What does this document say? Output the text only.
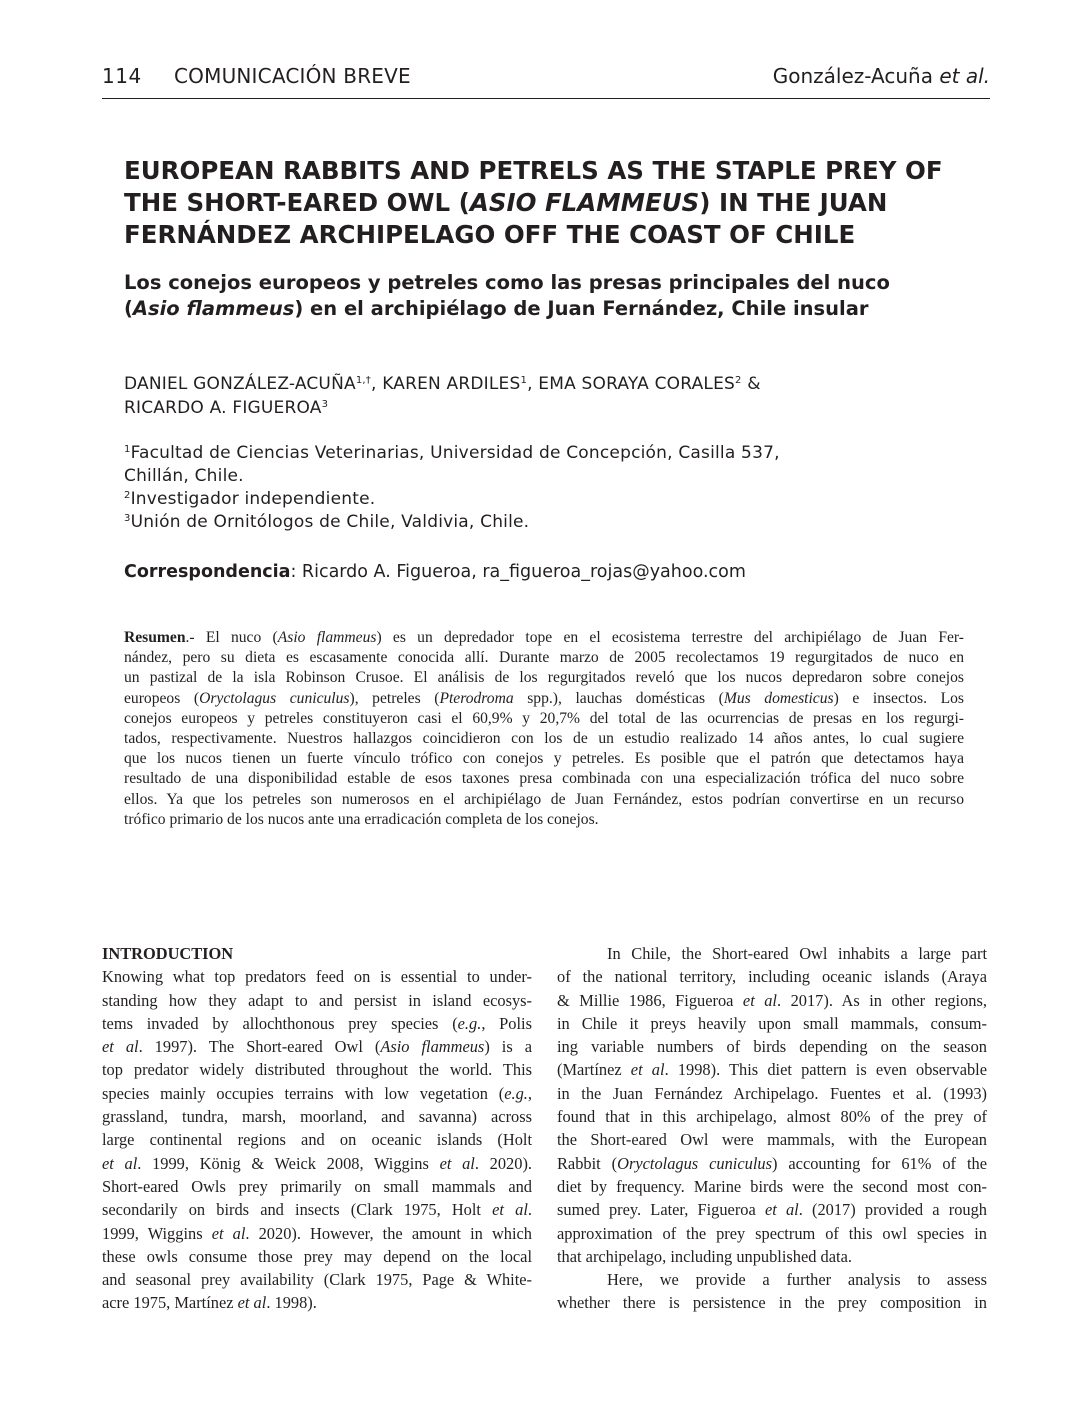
114 COMUNICACIÓN BREVE	González-Acuña et al.
EUROPEAN RABBITS AND PETRELS AS THE STAPLE PREY OF
THE SHORT-EARED OWL (ASIO FLAMMEUS) IN THE JUAN
FERNÁNDEZ ARCHIPELAGO OFF THE COAST OF CHILE
Los conejos europeos y petreles como las presas principales del nuco
(Asio flammeus) en el archipiélago de Juan Fernández, Chile insular
DANIEL GONZÁLEZ-$ACUÑA^{1,\dagger}$, KAREN ARDILES$^1$, EMA SORAYA CORALES$^2$ &
RICARDO A. FIGUEROA$^3$
$^1$Facultad de Ciencias Veterinarias, Universidad de Concepción, Casilla 537,
Chillán, Chile.
$^2$Investigador independiente.
$^3$Unión de Ornitólogos de Chile, Valdivia, Chile.
Correspondencia: Ricardo A. Figueroa, ra_figueroa_rojas@yahoo.com
Resumen.- El nuco (Asio flammeus) es un depredador tope en el ecosistema terrestre del archipiélago de Juan Fer-
nández, pero su dieta es escasamente conocida allí. Durante marzo de 2005 recolectamos 19 regurgitados de nuco en
un pastizal de la isla Robinson Crusoe. El análisis de los regurgitados reveló que los nucos depredaron sobre conejos
europeos (Oryctolagus cuniculus), petreles (Pterodroma spp.), lauchas domésticas (Mus domesticus) e insectos. Los
conejos europeos y petreles constituyeron casi el 60,9% y 20,7% del total de las ocurrencias de presas en los regurgi-
tados, respectivamente. Nuestros hallazgos coincidieron con los de un estudio realizado 14 años antes, lo cual sugiere
que los nucos tienen un fuerte vínculo trófico con conejos y petreles. Es posible que el patrón que detectamos haya
resultado de una disponibilidad estable de esos taxones presa combinada con una especialización trófica del nuco sobre
ellos. Ya que los petreles son numerosos en el archipiélago de Juan Fernández, estos podrían convertirse en un recurso
trófico primario de los nucos ante una erradicación completa de los conejos.
INTRODUCTION
Knowing what top predators feed on is essential to under-
standing how they adapt to and persist in island ecosys-
tems invaded by allochthonous prey species (e.g., Polis
et al. 1997). The Short-eared Owl (Asio flammeus) is a
top predator widely distributed throughout the world. This
species mainly occupies terrains with low vegetation (e.g.,
grassland, tundra, marsh, moorland, and savanna) across
large continental regions and on oceanic islands (Holt
et al. 1999, König & Weick 2008, Wiggins et al. 2020).
Short-eared Owls prey primarily on small mammals and
secondarily on birds and insects (Clark 1975, Holt et al.
1999, Wiggins et al. 2020). However, the amount in which
these owls consume those prey may depend on the local
and seasonal prey availability (Clark 1975, Page & White-
acre 1975, Martínez et al. 1998).
In Chile, the Short-eared Owl inhabits a large part
of the national territory, including oceanic islands (Araya
& Millie 1986, Figueroa et al. 2017). As in other regions,
in Chile it preys heavily upon small mammals, consum-
ing variable numbers of birds depending on the season
(Martínez et al. 1998). This diet pattern is even observable
in the Juan Fernández Archipelago. Fuentes et al. (1993)
found that in this archipelago, almost 80% of the prey of
the Short-eared Owl were mammals, with the European
Rabbit (Oryctolagus cuniculus) accounting for 61% of the
diet by frequency. Marine birds were the second most con-
sumed prey. Later, Figueroa et al. (2017) provided a rough
approximation of the prey spectrum of this owl species in
that archipelago, including unpublished data.
Here, we provide a further analysis to assess
whether there is persistence in the prey composition in
